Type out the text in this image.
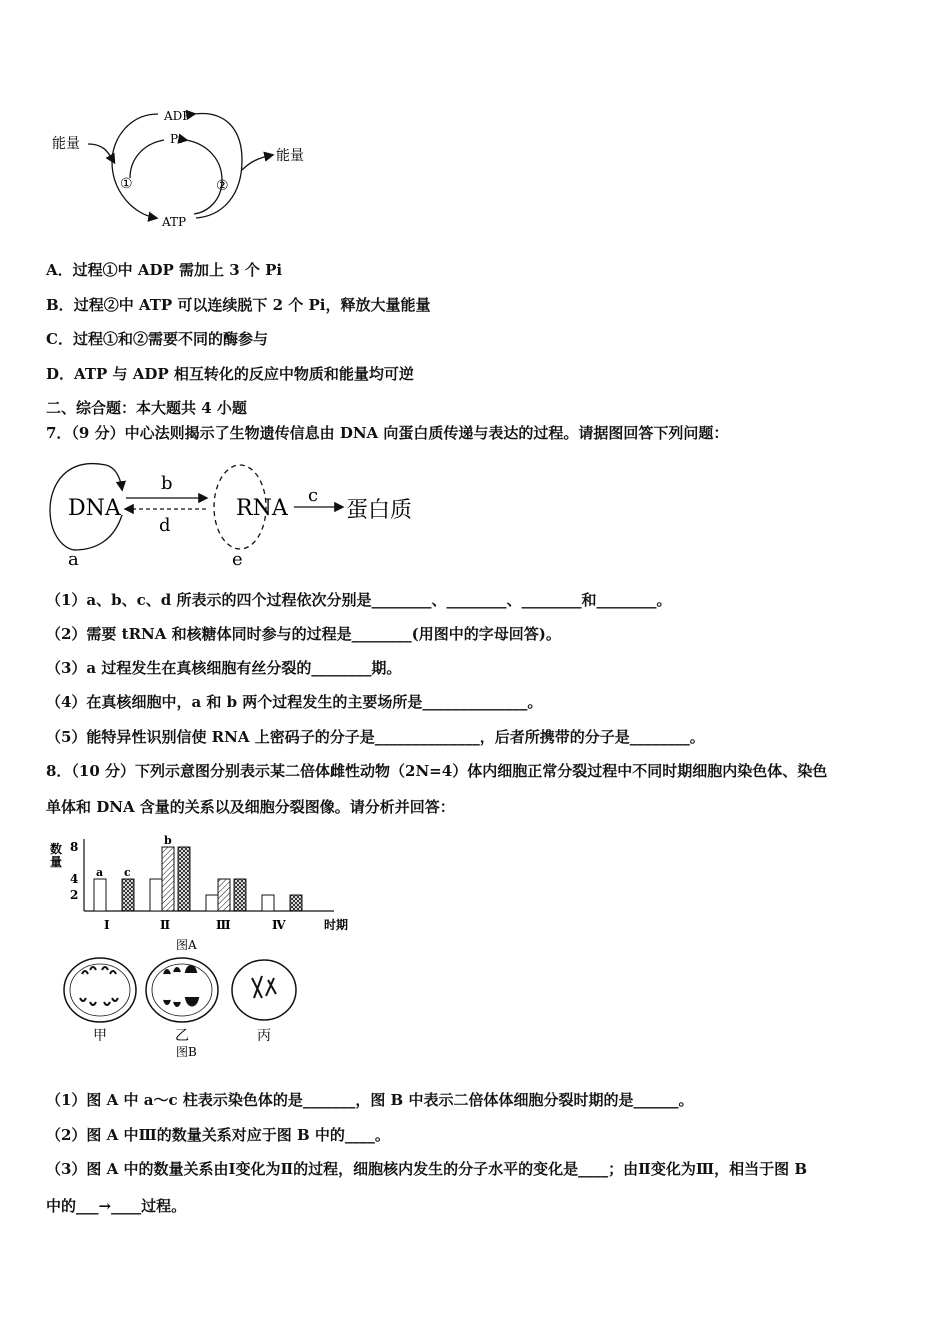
能量
ADP
Pi
ATP
①	②
能量
A．过程①中 ADP 需加上 3 个 Pi
B．过程②中 ATP 可以连续脱下 2 个 Pi，释放大量能量
C．过程①和②需要不同的酶参与
D．ATP 与 ADP 相互转化的反应中物质和能量均可逆
二、综合题：本大题共 4 小题
7．（9 分）中心法则揭示了生物遗传信息由 DNA 向蛋白质传递与表达的过程。请据图回答下列问题：
DNA
a
b
d
RNA
e
c
蛋白质
（1）a、b、c、d 所表示的四个过程依次分别是________、________、________和________。
（2）需要 tRNA 和核糖体同时参与的过程是________(用图中的字母回答)。
（3）a 过程发生在真核细胞有丝分裂的________期。
（4）在真核细胞中，a 和 b 两个过程发生的主要场所是______________。
（5）能特异性识别信使 RNA 上密码子的分子是______________，后者所携带的分子是________。
8．（10 分）下列示意图分别表示某二倍体雌性动物（2N=4）体内细胞正常分裂过程中不同时期细胞内染色体、染色
单体和 DNA 含量的关系以及细胞分裂图像。请分析并回答：
数
量
2
4
8
时期
Ⅰ
a c
Ⅱ
b
Ⅲ	Ⅳ
图A
甲	乙	丙
图B
（1）图 A 中 a～c 柱表示染色体的是_______，图 B 中表示二倍体体细胞分裂时期的是______。
（2）图 A 中Ⅲ的数量关系对应于图 B 中的____。
（3）图 A 中的数量关系由Ⅰ变化为Ⅱ的过程，细胞核内发生的分子水平的变化是____；由Ⅱ变化为Ⅲ，相当于图 B
中的___→____过程。
